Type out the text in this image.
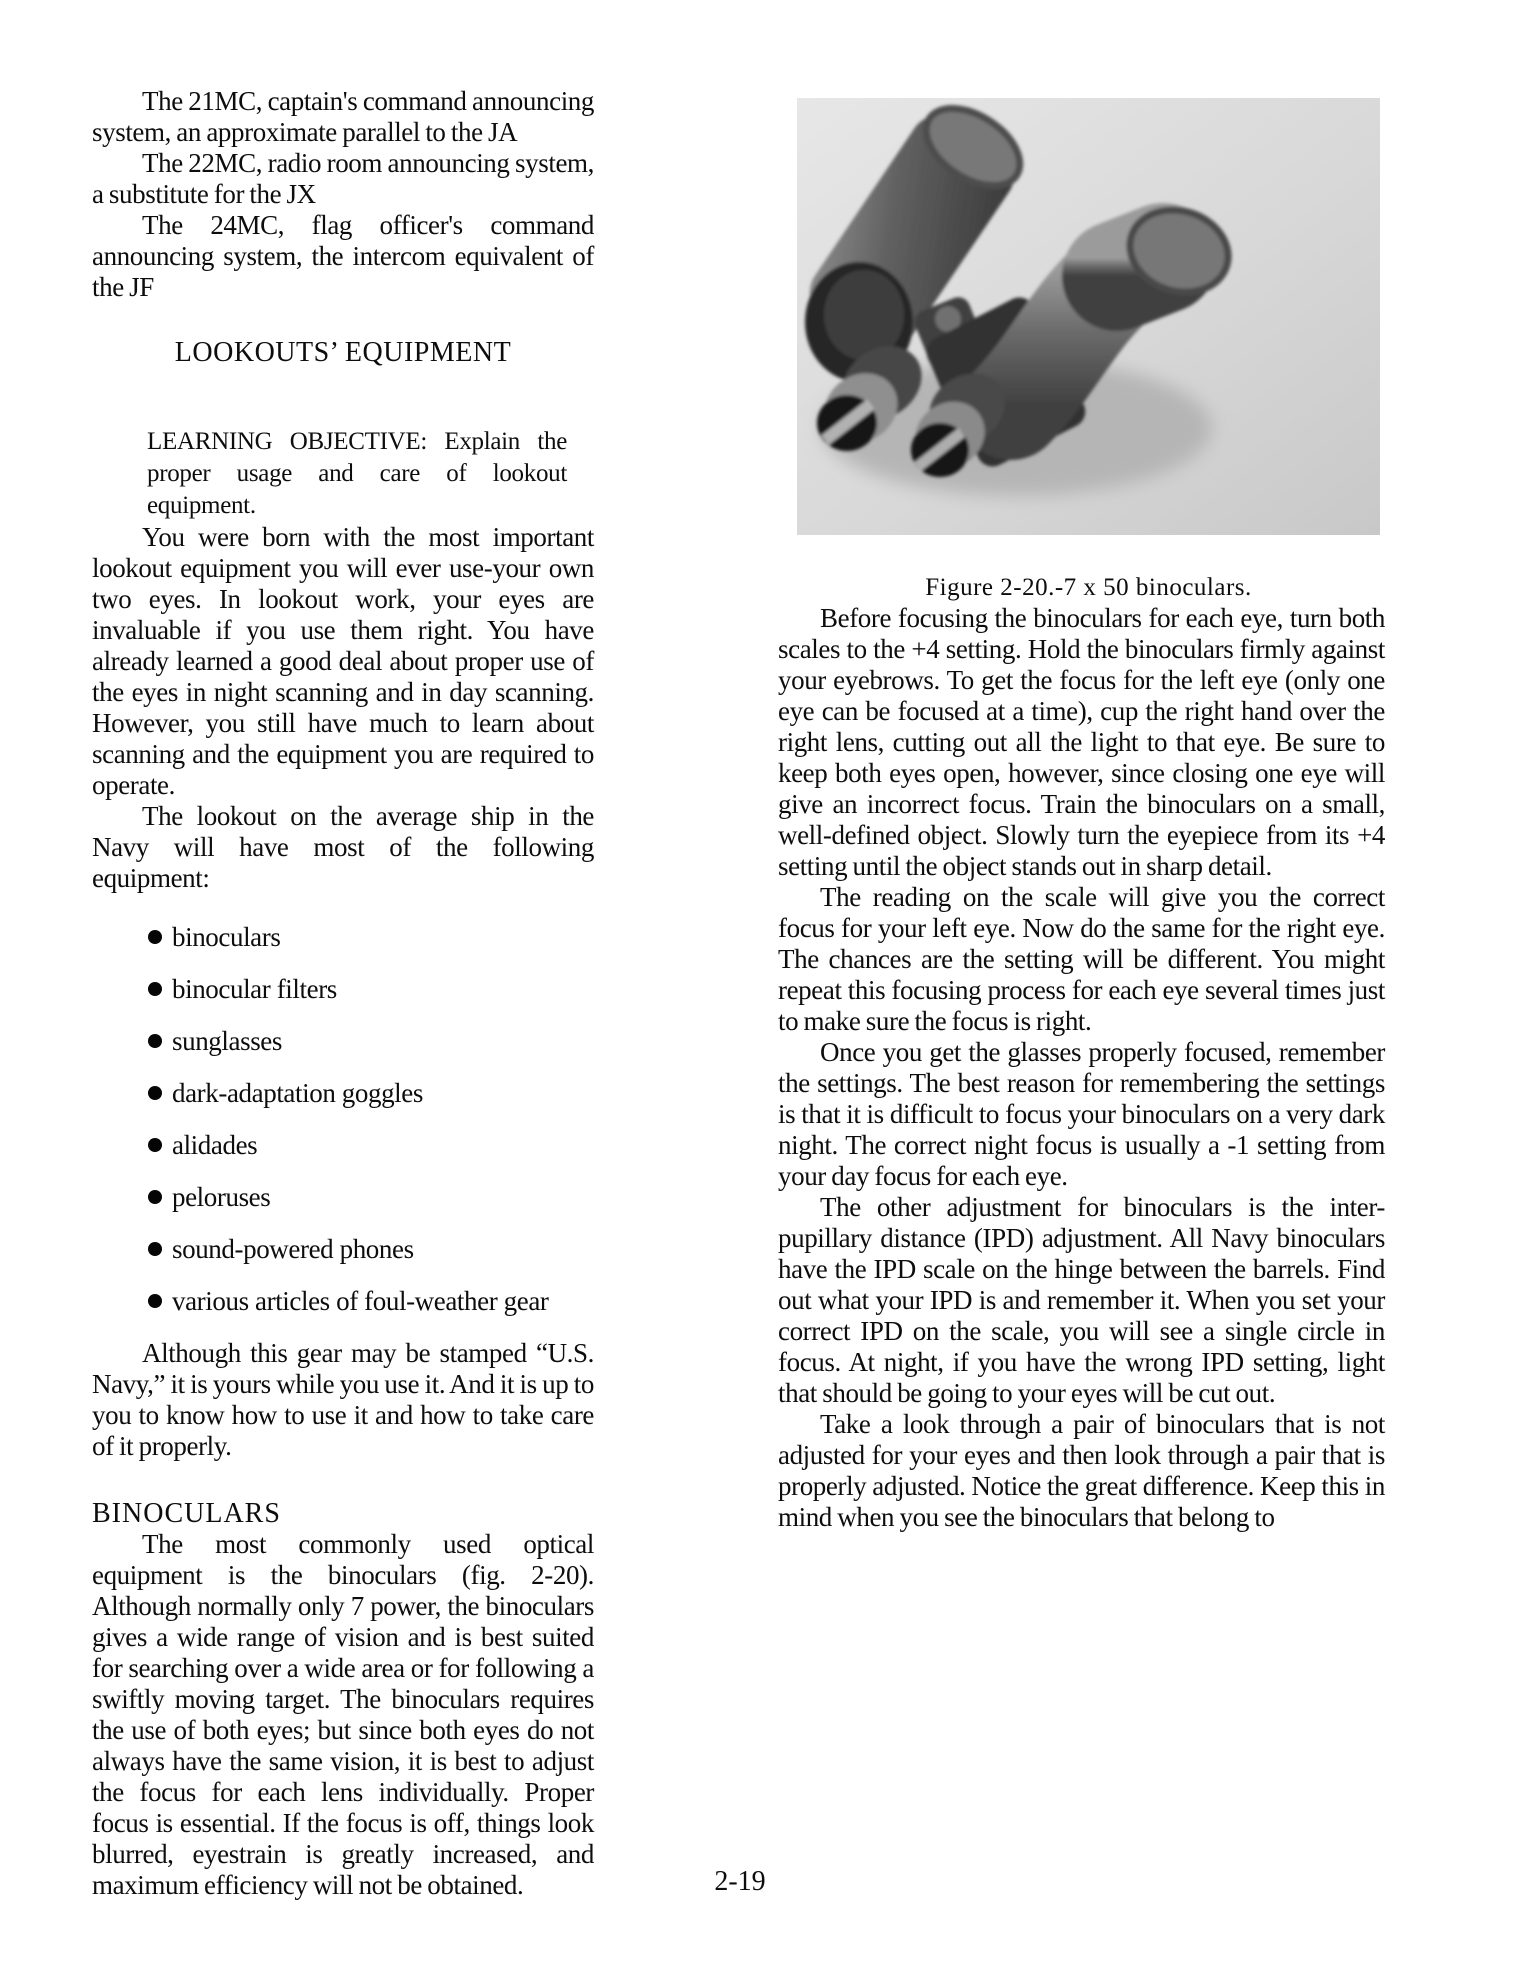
The 21MC, captain's command announcing system, an approximate parallel to the JA

The 22MC, radio room announcing system, a substitute for the JX

The 24MC, flag officer's command announcing system, the intercom equivalent of the JF

LOOKOUTS’ EQUIPMENT

LEARNING OBJECTIVE: Explain the proper usage and care of lookout equipment.

You were born with the most important lookout equipment you will ever use-your own two eyes. In lookout work, your eyes are invaluable if you use them right. You have already learned a good deal about proper use of the eyes in night scanning and in day scanning. However, you still have much to learn about scanning and the equipment you are required to operate.

The lookout on the average ship in the Navy will have most of the following equipment:

binoculars
binocular filters
sunglasses
dark-adaptation goggles
alidades
peloruses
sound-powered phones
various articles of foul-weather gear

Although this gear may be stamped “U.S. Navy,” it is yours while you use it. And it is up to you to know how to use it and how to take care of it properly.

BINOCULARS

The most commonly used optical equipment is the binoculars (fig. 2-20). Although normally only 7 power, the binoculars gives a wide range of vision and is best suited for searching over a wide area or for following a swiftly moving target. The binoculars requires the use of both eyes; but since both eyes do not always have the same vision, it is best to adjust the focus for each lens individually. Proper focus is essential. If the focus is off, things look blurred, eyestrain is greatly increased, and maximum efficiency will not be obtained.

Figure 2-20.-7 x 50 binoculars.

Before focusing the binoculars for each eye, turn both scales to the +4 setting. Hold the binoculars firmly against your eyebrows. To get the focus for the left eye (only one eye can be focused at a time), cup the right hand over the right lens, cutting out all the light to that eye. Be sure to keep both eyes open, however, since closing one eye will give an incorrect focus. Train the binoculars on a small, well-defined object. Slowly turn the eyepiece from its +4 setting until the object stands out in sharp detail.

The reading on the scale will give you the correct focus for your left eye. Now do the same for the right eye. The chances are the setting will be different. You might repeat this focusing process for each eye several times just to make sure the focus is right.

Once you get the glasses properly focused, remember the settings. The best reason for remembering the settings is that it is difficult to focus your binoculars on a very dark night. The correct night focus is usually a -1 setting from your day focus for each eye.

The other adjustment for binoculars is the inter-pupillary distance (IPD) adjustment. All Navy binoculars have the IPD scale on the hinge between the barrels. Find out what your IPD is and remember it. When you set your correct IPD on the scale, you will see a single circle in focus. At night, if you have the wrong IPD setting, light that should be going to your eyes will be cut out.

Take a look through a pair of binoculars that is not adjusted for your eyes and then look through a pair that is properly adjusted. Notice the great difference. Keep this in mind when you see the binoculars that belong to

2-19
